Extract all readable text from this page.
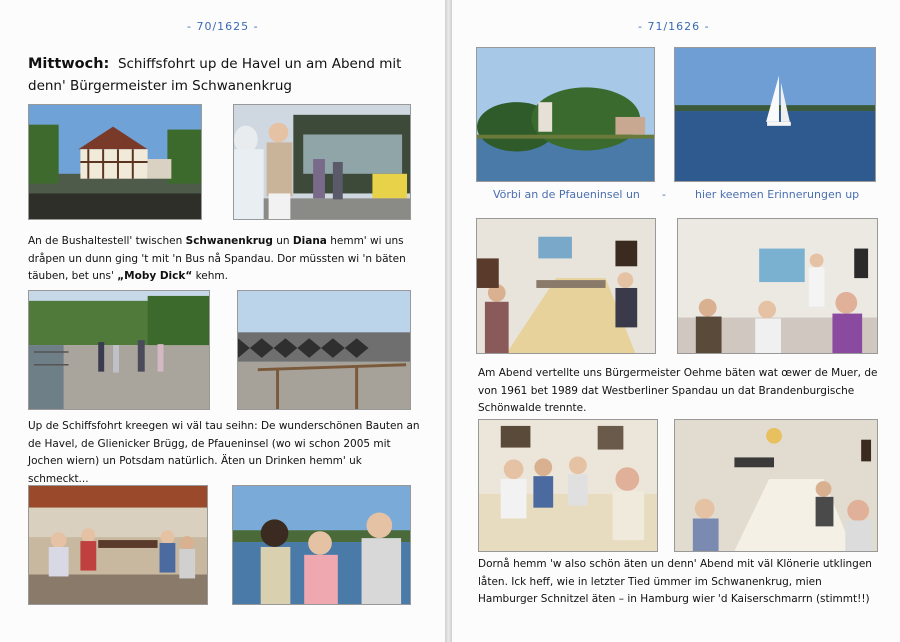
- 70/1625 -
Mittwoch: Schiffsfohrt up de Havel un am Abend mit denn' Bürgermeister im Schwanenkrug
An de Bushaltestell' twischen Schwanenkrug un Diana hemm' wi uns dråpen un dunn ging 't mit 'n Bus nå Spandau. Dor müssten wi 'n bäten täuben, bet uns' „Moby Dick“ kehm.
Up de Schiffsfohrt kreegen wi väl tau seihn: De wunderschönen Bauten an de Havel, de Glienicker Brügg, de Pfaueninsel (wo wi schon 2005 mit Jochen wiern) un Potsdam natürlich. Äten un Drinken hemm' uk schmeckt...
- 71/1626 -
Vörbi an de Pfaueninsel un -	hier keemen Erinnerungen up
Am Abend vertellte uns Bürgermeister Oehme bäten wat œwer de Muer, de von 1961 bet 1989 dat Westberliner Spandau un dat Brandenburgische Schönwalde trennte.
Dornå hemm 'w also schön äten un denn' Abend mit väl Klönerie utklingen låten. Ick heff, wie in letzter Tied ümmer im Schwanenkrug, mien Hamburger Schnitzel äten – in Hamburg wier 'd Kaiserschmarrn (stimmt!!)
